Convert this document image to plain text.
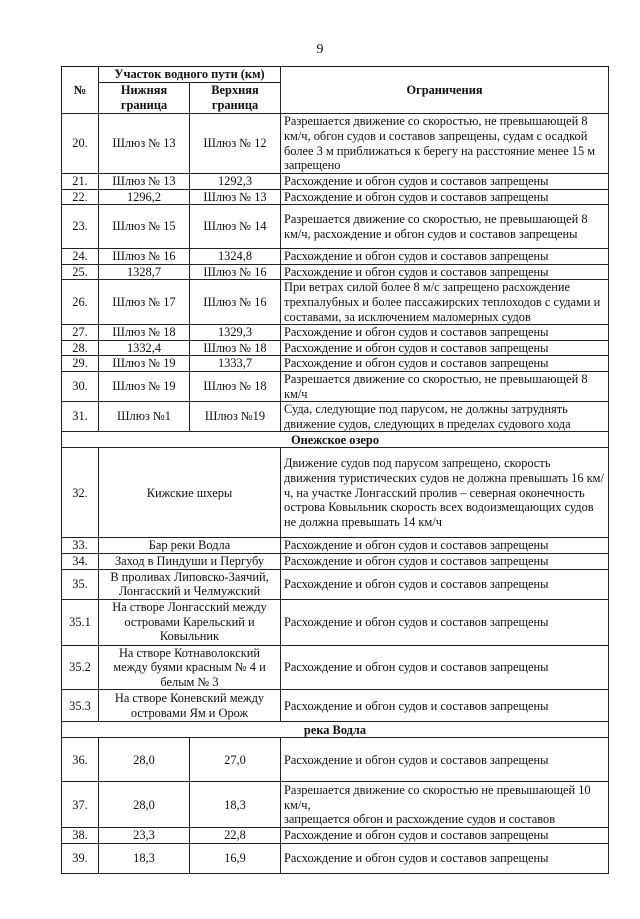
9
№	Участок водного пути (км)		Ограничения
	Нижняя граница	Верхняя граница	
20.	Шлюз № 13	Шлюз № 12	Разрешается движение со скоростью, не превышающей 8 км/ч, обгон судов и составов запрещены, судам с осадкой более 3 м приближаться к берегу на расстояние менее 15 м запрещено
21.	Шлюз № 13	1292,3	Расхождение и обгон судов и составов запрещены
22.	1296,2	Шлюз № 13	Расхождение и обгон судов и составов запрещены
23.	Шлюз № 15	Шлюз № 14	Разрешается движение со скоростью, не превышающей 8 км/ч, расхождение и обгон судов и составов запрещены
24.	Шлюз № 16	1324,8	Расхождение и обгон судов и составов запрещены
25.	1328,7	Шлюз № 16	Расхождение и обгон судов и составов запрещены
26.	Шлюз № 17	Шлюз № 16	При ветрах силой более 8 м/с запрещено расхождение трехпалубных и более пассажирских теплоходов с судами и составами, за исключением маломерных судов
27.	Шлюз № 18	1329,3	Расхождение и обгон судов и составов запрещены
28.	1332,4	Шлюз № 18	Расхождение и обгон судов и составов запрещены
29.	Шлюз № 19	1333,7	Расхождение и обгон судов и составов запрещены
30.	Шлюз № 19	Шлюз № 18	Разрешается движение со скоростью, не превышающей 8 км/ч
31.	Шлюз №1	Шлюз №19	Суда, следующие под парусом, не должны затруднять движение судов, следующих в пределах судового хода
Онежское озеро			
32.	Кижские шхеры		Движение судов под парусом запрещено, скорость движения туристических судов не должна превышать 16 км/ч, на участке Лонгасский пролив – северная оконечность острова Ковыльник скорость всех водоизмещающих судов не должна превышать 14 км/ч
33.	Бар реки Водла		Расхождение и обгон судов и составов запрещены
34.	Заход в Пиндуши и Пергубу		Расхождение и обгон судов и составов запрещены
35.	В проливах Липовско-Заячий, Лонгасский и Челмужский		Расхождение и обгон судов и составов запрещены
35.1	На створе Лонгасский между островами Карельский и Ковыльник		Расхождение и обгон судов и составов запрещены
35.2	На створе Котнаволокский между буями красным № 4 и белым № 3		Расхождение и обгон судов и составов запрещены
35.3	На створе Коневский между островами Ям и Орож		Расхождение и обгон судов и составов запрещены
река Водла			
36.	28,0	27,0	Расхождение и обгон судов и составов запрещены
37.	28,0	18,3	Разрешается движение со скоростью не превышающей 10 км/ч,
запрещается обгон и расхождение судов и составов
38.	23,3	22,8	Расхождение и обгон судов и составов запрещены
39.	18,3	16,9	Расхождение и обгон судов и составов запрещены
